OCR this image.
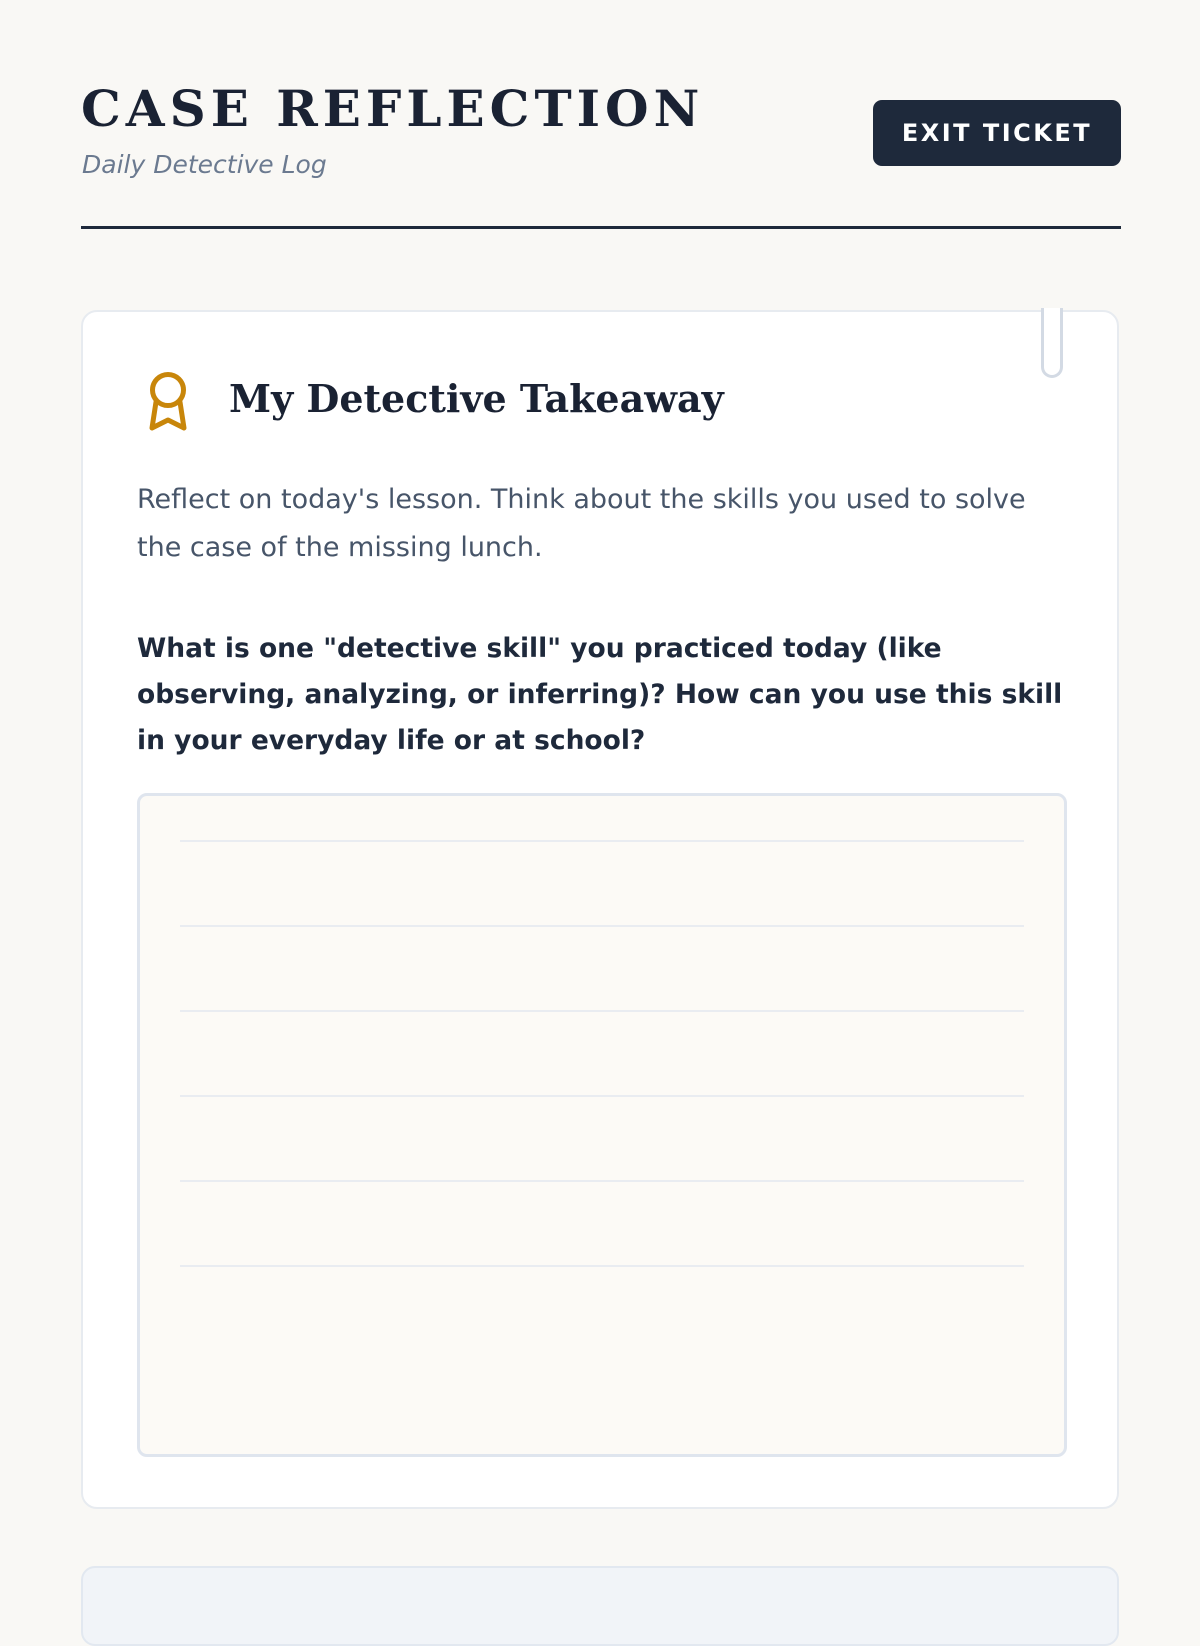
CASE REFLECTION
Daily Detective Log
EXIT TICKET
My Detective Takeaway

Reflect on today's lesson. Think about the skills you used to solve the case of the missing lunch.

What is one "detective skill" you practiced today (like observing, analyzing, or inferring)? How can you use this skill in your everyday life or at school?
